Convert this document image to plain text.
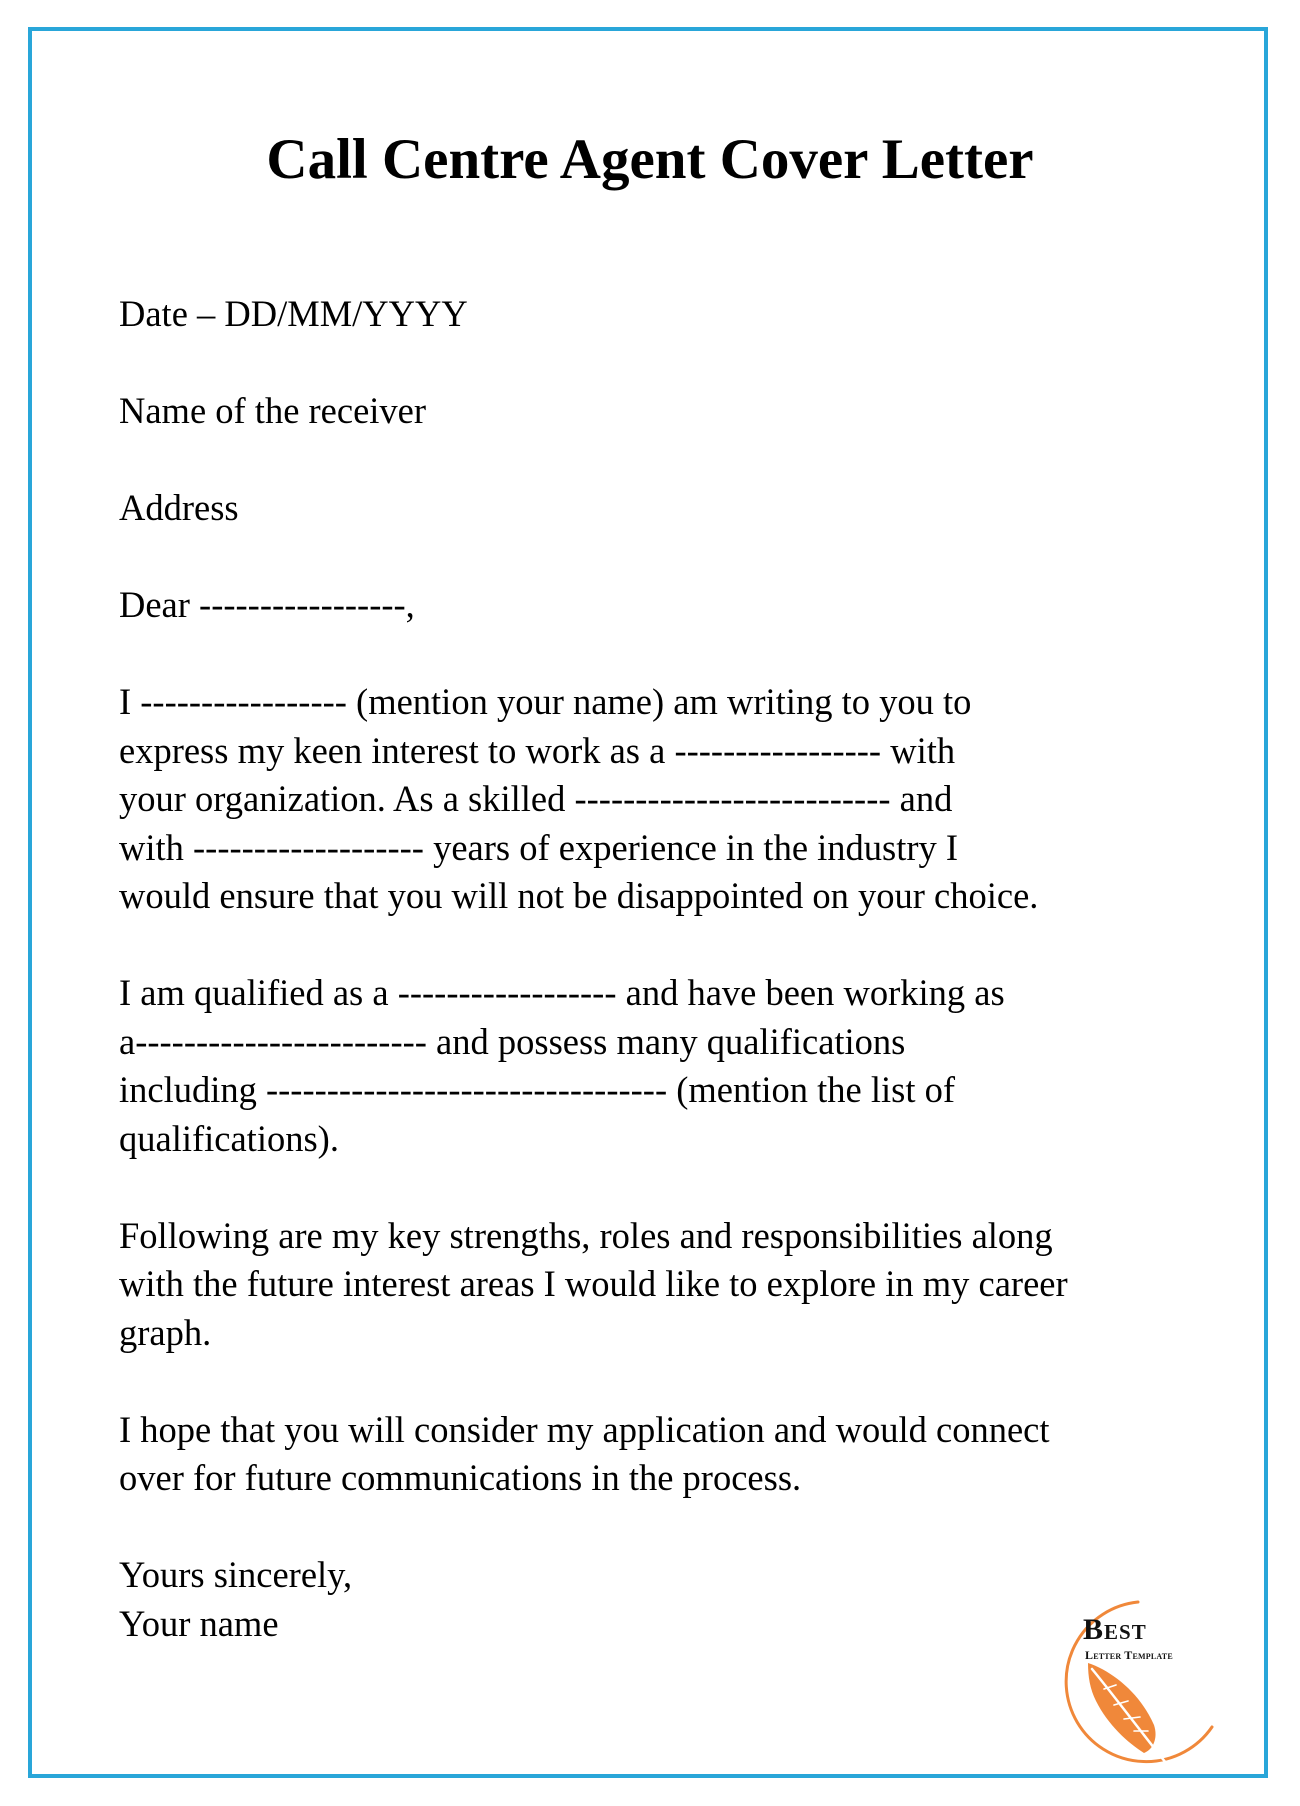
Call Centre Agent Cover Letter

Date – DD/MM/YYYY

Name of the receiver

Address

Dear -----------------,

I ----------------- (mention your name) am writing to you to
express my keen interest to work as a ----------------- with
your organization. As a skilled -------------------------- and
with ------------------- years of experience in the industry I
would ensure that you will not be disappointed on your choice.

I am qualified as a ------------------ and have been working as
a------------------------ and possess many qualifications
including --------------------------------- (mention the list of
qualifications).

Following are my key strengths, roles and responsibilities along
with the future interest areas I would like to explore in my career
graph.

I hope that you will consider my application and would connect
over for future communications in the process.

Yours sincerely,
Your name	Best
Letter Template
